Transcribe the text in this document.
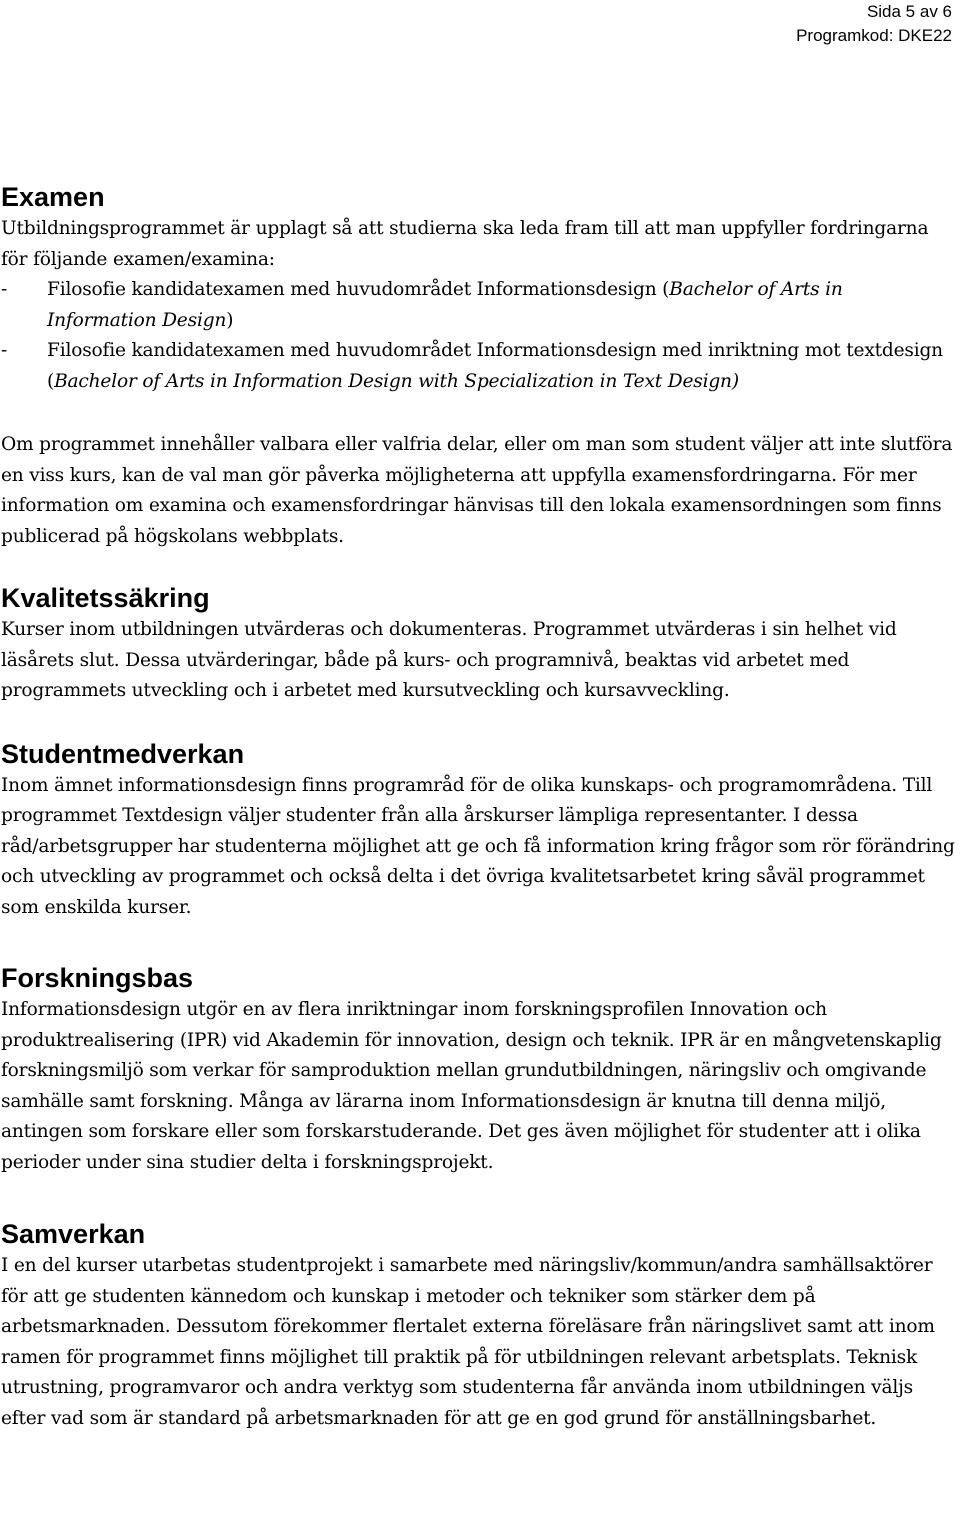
Sida 5 av 6
Programkod: DKE22
Examen

Utbildningsprogrammet är upplagt så att studierna ska leda fram till att man uppfyller fordringarna för följande examen/examina:

- Filosofie kandidatexamen med huvudområdet Informationsdesign (Bachelor of Arts in Information Design)
- Filosofie kandidatexamen med huvudområdet Informationsdesign med inriktning mot textdesign (Bachelor of Arts in Information Design with Specialization in Text Design)

Om programmet innehåller valbara eller valfria delar, eller om man som student väljer att inte slutföra en viss kurs, kan de val man gör påverka möjligheterna att uppfylla examensfordringarna. För mer information om examina och examensfordringar hänvisas till den lokala examensordningen som finns publicerad på högskolans webbplats.

Kvalitetssäkring

Kurser inom utbildningen utvärderas och dokumenteras. Programmet utvärderas i sin helhet vid läsårets slut. Dessa utvärderingar, både på kurs- och programnivå, beaktas vid arbetet med programmets utveckling och i arbetet med kursutveckling och kursavveckling.

Studentmedverkan

Inom ämnet informationsdesign finns programråd för de olika kunskaps- och programområdena. Till programmet Textdesign väljer studenter från alla årskurser lämpliga representanter. I dessa råd/arbetsgrupper har studenterna möjlighet att ge och få information kring frågor som rör förändring och utveckling av programmet och också delta i det övriga kvalitetsarbetet kring såväl programmet som enskilda kurser.

Forskningsbas

Informationsdesign utgör en av flera inriktningar inom forskningsprofilen Innovation och produktrealisering (IPR) vid Akademin för innovation, design och teknik. IPR är en mångvetenskaplig forskningsmiljö som verkar för samproduktion mellan grundutbildningen, näringsliv och omgivande samhälle samt forskning. Många av lärarna inom Informationsdesign är knutna till denna miljö, antingen som forskare eller som forskarstuderande. Det ges även möjlighet för studenter att i olika perioder under sina studier delta i forskningsprojekt.

Samverkan

I en del kurser utarbetas studentprojekt i samarbete med näringsliv/kommun/andra samhällsaktörer för att ge studenten kännedom och kunskap i metoder och tekniker som stärker dem på arbetsmarknaden. Dessutom förekommer flertalet externa föreläsare från näringslivet samt att inom ramen för programmet finns möjlighet till praktik på för utbildningen relevant arbetsplats. Teknisk utrustning, programvaror och andra verktyg som studenterna får använda inom utbildningen väljs efter vad som är standard på arbetsmarknaden för att ge en god grund för anställningsbarhet.
